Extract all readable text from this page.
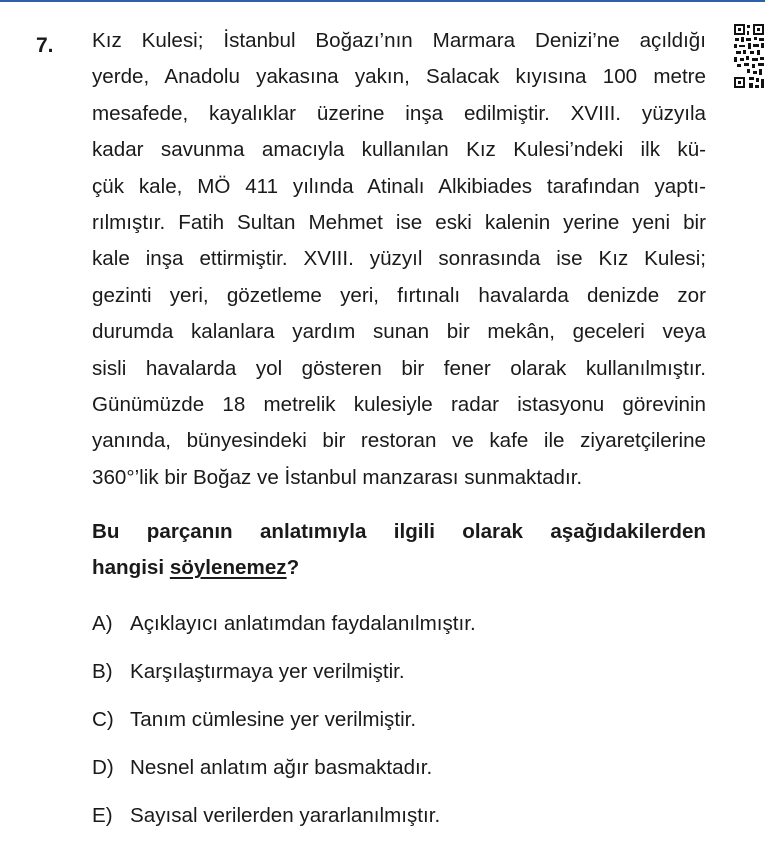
7. Kız Kulesi; İstanbul Boğazı’nın Marmara Denizi’ne açıldığı
yerde, Anadolu yakasına yakın, Salacak kıyısına 100 metre
mesafede, kayalıklar üzerine inşa edilmiştir. XVIII. yüzyıla
kadar savunma amacıyla kullanılan Kız Kulesi’ndeki ilk kü-
çük kale, MÖ 411 yılında Atinalı Alkibiades tarafından yaptı-
rılmıştır. Fatih Sultan Mehmet ise eski kalenin yerine yeni bir
kale inşa ettirmiştir. XVIII. yüzyıl sonrasında ise Kız Kulesi;
gezinti yeri, gözetleme yeri, fırtınalı havalarda denizde zor
durumda kalanlara yardım sunan bir mekân, geceleri veya
sisli havalarda yol gösteren bir fener olarak kullanılmıştır.
Günümüzde 18 metrelik kulesiyle radar istasyonu görevinin
yanında, bünyesindeki bir restoran ve kafe ile ziyaretçilerine
360°’lik bir Boğaz ve İstanbul manzarası sunmaktadır.
Bu parçanın anlatımıyla ilgili olarak aşağıdakilerden
hangisi söylenemez?
A) Açıklayıcı anlatımdan faydalanılmıştır.
B) Karşılaştırmaya yer verilmiştir.
C) Tanım cümlesine yer verilmiştir.
D) Nesnel anlatım ağır basmaktadır.
E) Sayısal verilerden yararlanılmıştır.
